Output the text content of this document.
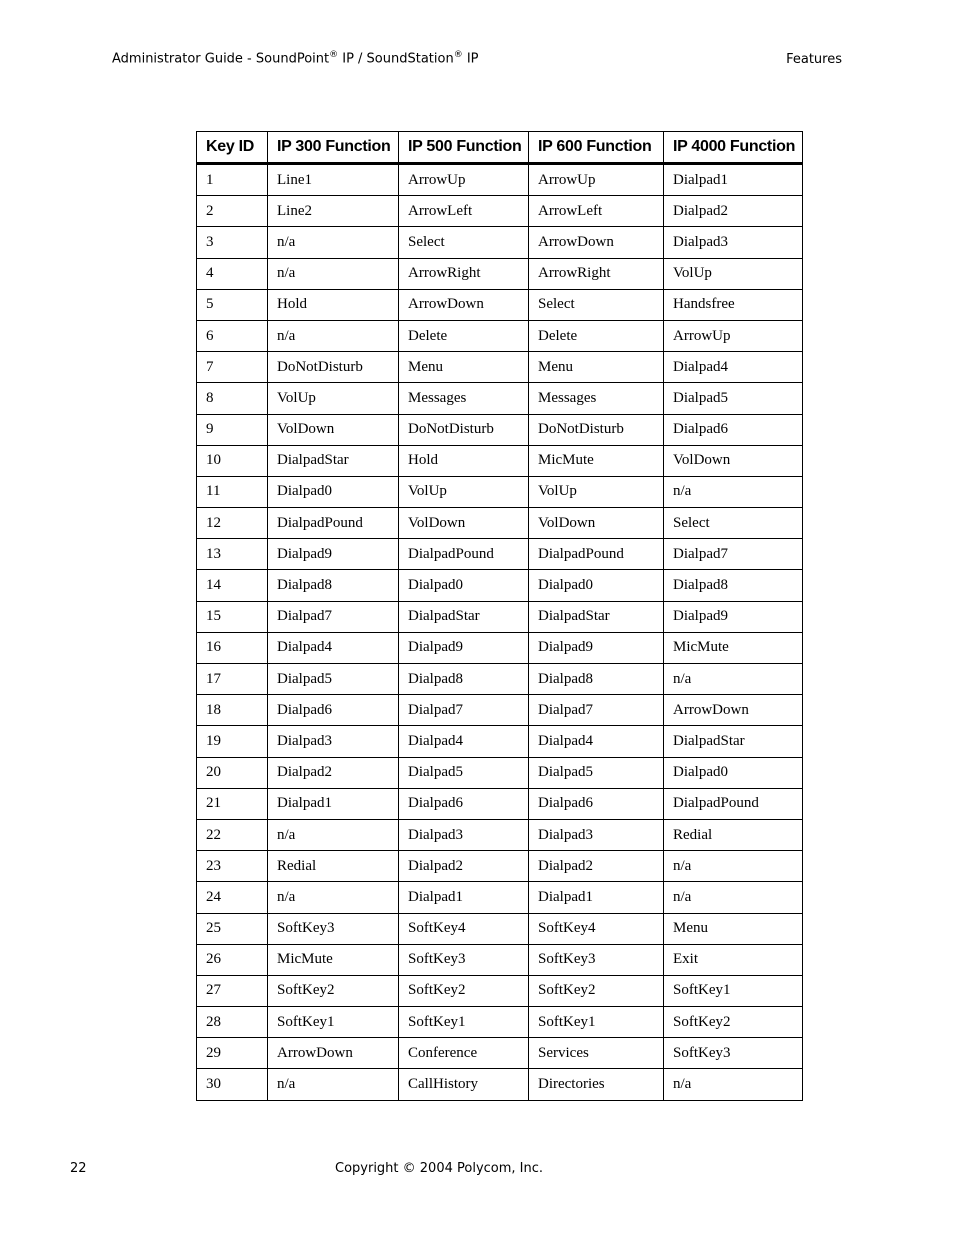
Administrator Guide - SoundPoint® IP / SoundStation® IP	Features
Key ID	IP 300 Function	IP 500 Function	IP 600 Function	IP 4000 Function
1	Line1	ArrowUp	ArrowUp	Dialpad1
2	Line2	ArrowLeft	ArrowLeft	Dialpad2
3	n/a	Select	ArrowDown	Dialpad3
4	n/a	ArrowRight	ArrowRight	VolUp
5	Hold	ArrowDown	Select	Handsfree
6	n/a	Delete	Delete	ArrowUp
7	DoNotDisturb	Menu	Menu	Dialpad4
8	VolUp	Messages	Messages	Dialpad5
9	VolDown	DoNotDisturb	DoNotDisturb	Dialpad6
10	DialpadStar	Hold	MicMute	VolDown
11	Dialpad0	VolUp	VolUp	n/a
12	DialpadPound	VolDown	VolDown	Select
13	Dialpad9	DialpadPound	DialpadPound	Dialpad7
14	Dialpad8	Dialpad0	Dialpad0	Dialpad8
15	Dialpad7	DialpadStar	DialpadStar	Dialpad9
16	Dialpad4	Dialpad9	Dialpad9	MicMute
17	Dialpad5	Dialpad8	Dialpad8	n/a
18	Dialpad6	Dialpad7	Dialpad7	ArrowDown
19	Dialpad3	Dialpad4	Dialpad4	DialpadStar
20	Dialpad2	Dialpad5	Dialpad5	Dialpad0
21	Dialpad1	Dialpad6	Dialpad6	DialpadPound
22	n/a	Dialpad3	Dialpad3	Redial
23	Redial	Dialpad2	Dialpad2	n/a
24	n/a	Dialpad1	Dialpad1	n/a
25	SoftKey3	SoftKey4	SoftKey4	Menu
26	MicMute	SoftKey3	SoftKey3	Exit
27	SoftKey2	SoftKey2	SoftKey2	SoftKey1
28	SoftKey1	SoftKey1	SoftKey1	SoftKey2
29	ArrowDown	Conference	Services	SoftKey3
30	n/a	CallHistory	Directories	n/a
22	Copyright © 2004 Polycom, Inc.
